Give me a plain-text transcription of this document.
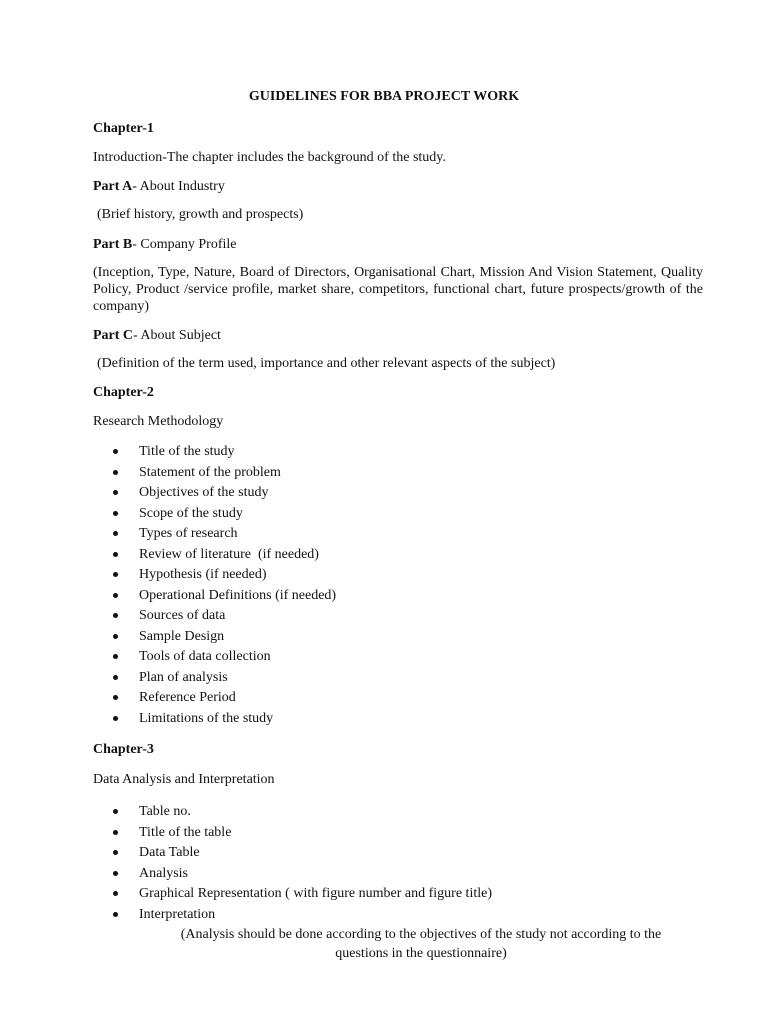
GUIDELINES FOR BBA PROJECT WORK
Chapter-1
Introduction-The chapter includes the background of the study.
Part A- About Industry
(Brief history, growth and prospects)
Part B- Company Profile
(Inception, Type, Nature, Board of Directors, Organisational Chart, Mission And Vision Statement, Quality Policy, Product /service profile, market share, competitors, functional chart, future prospects/growth of the company)
Part C- About Subject
(Definition of the term used, importance and other relevant aspects of the subject)
Chapter-2
Research Methodology
Title of the study
Statement of the problem
Objectives of the study
Scope of the study
Types of research
Review of literature  (if needed)
Hypothesis (if needed)
Operational Definitions (if needed)
Sources of data
Sample Design
Tools of data collection
Plan of analysis
Reference Period
Limitations of the study
Chapter-3
Data Analysis and Interpretation
Table no.
Title of the table
Data Table
Analysis
Graphical Representation ( with figure number and figure title)
Interpretation
(Analysis should be done according to the objectives of the study not according to the
questions in the questionnaire)
